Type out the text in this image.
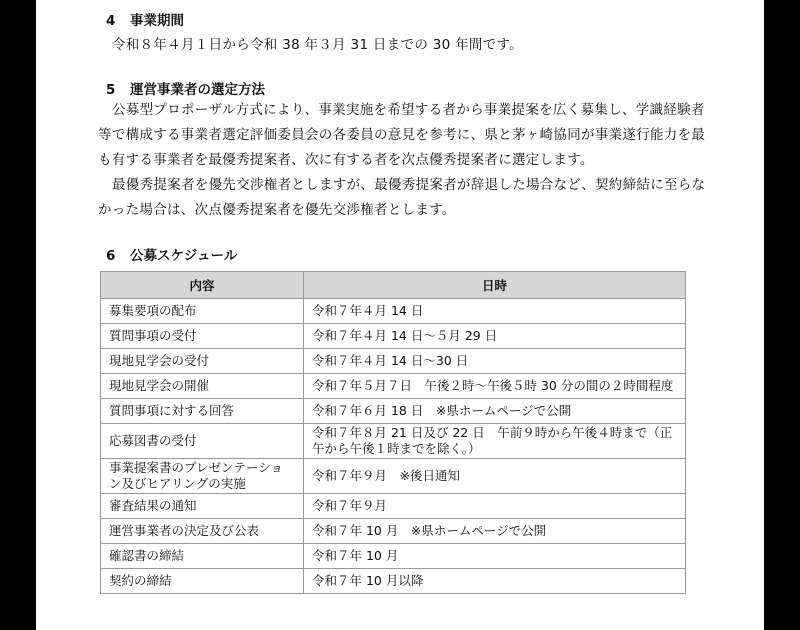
4 事業期間

令和８年４月１日から令和 38 年３月 31 日までの 30 年間です。

5 運営事業者の選定方法

公募型プロポーザル方式により、事業実施を希望する者から事業提案を広く募集し、学識経験者等で構成する事業者選定評価委員会の各委員の意見を参考に、県と茅ヶ崎協同が事業遂行能力を最も有する事業者を最優秀提案者、次に有する者を次点優秀提案者に選定します。

最優秀提案者を優先交渉権者としますが、最優秀提案者が辞退した場合など、契約締結に至らなかった場合は、次点優秀提案者を優先交渉権者とします。

6 公募スケジュール
内容	日時
募集要項の配布	令和７年４月 14 日
質問事項の受付	令和７年４月 14 日～５月 29 日
現地見学会の受付	令和７年４月 14 日～30 日
現地見学会の開催	令和７年５月７日　午後２時～午後５時 30 分の間の２時間程度
質問事項に対する回答	令和７年６月 18 日　※県ホームページで公開
応募図書の受付	令和７年８月 21 日及び 22 日　午前９時から午後４時まで（正午から午後１時までを除く。）
事業提案書のプレゼンテーション及びヒアリングの実施	令和７年９月　※後日通知
審査結果の通知	令和７年９月
運営事業者の決定及び公表	令和７年 10 月　※県ホームページで公開
確認書の締結	令和７年 10 月
契約の締結	令和７年 10 月以降
